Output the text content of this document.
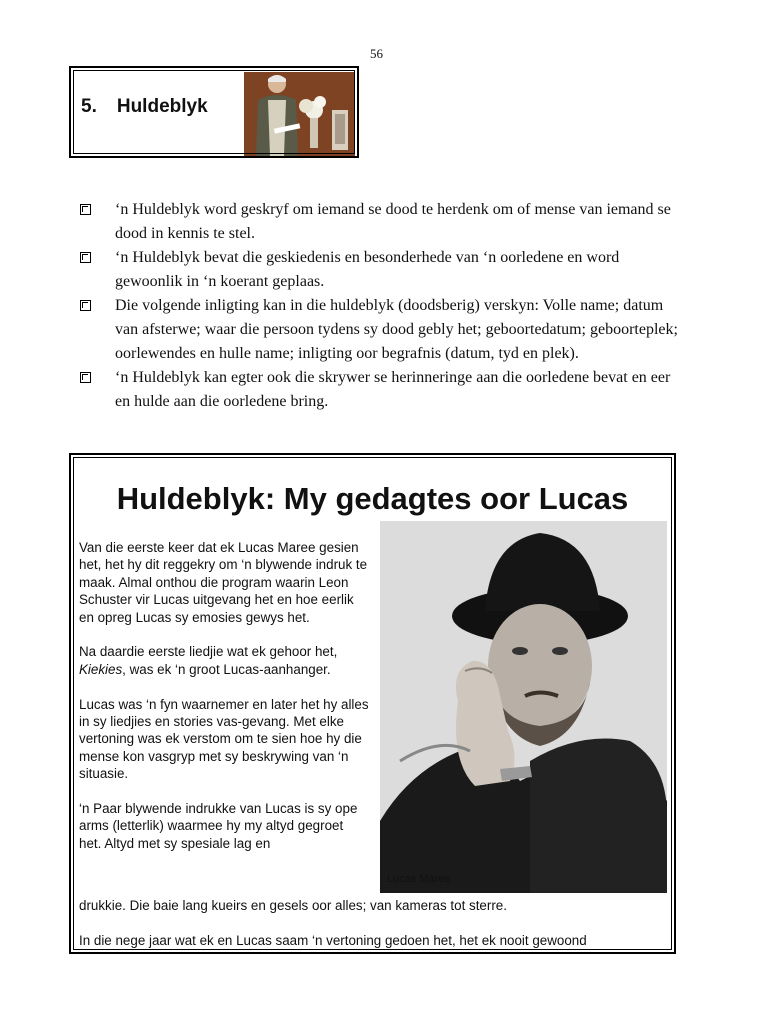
56
5. Huldeblyk
‘n Huldeblyk word geskryf om iemand se dood te herdenk om of mense van iemand se dood in kennis te stel.
‘n Huldeblyk bevat die geskiedenis en besonderhede van ‘n oorledene en word gewoonlik in ‘n koerant geplaas.
Die volgende inligting kan in die huldeblyk (doodsberig) verskyn: Volle name; datum van afsterwe; waar die persoon tydens sy dood gebly het; geboortedatum; geboorteplek; oorlewendes en hulle name; inligting oor begrafnis (datum, tyd en plek).
‘n Huldeblyk kan egter ook die skrywer se herinneringe aan die oorledene bevat en eer en hulde aan die oorledene bring.
Huldeblyk: My gedagtes oor Lucas
Lucas Maree

Van die eerste keer dat ek Lucas Maree gesien het, het hy dit reggekry om ‘n blywende indruk te maak. Almal onthou die program waarin Leon Schuster vir Lucas uitgevang het en hoe eerlik en opreg Lucas sy emosies gewys het.

Na daardie eerste liedjie wat ek gehoor het, Kiekies, was ek ‘n groot Lucas-aanhanger.

Lucas was ‘n fyn waarnemer en later het hy alles in sy liedjies en stories vas-gevang. Met elke vertoning was ek verstom om te sien hoe hy die mense kon vasgryp met sy beskrywing van ‘n situasie.

‘n Paar blywende indrukke van Lucas is sy ope arms (letterlik) waarmee hy my altyd gegroet het. Altyd met sy spesiale lag en

drukkie. Die baie lang kueirs en gesels oor alles; van kameras tot sterre.
In die nege jaar wat ek en Lucas saam ‘n vertoning gedoen het, het ek nooit gewoond
